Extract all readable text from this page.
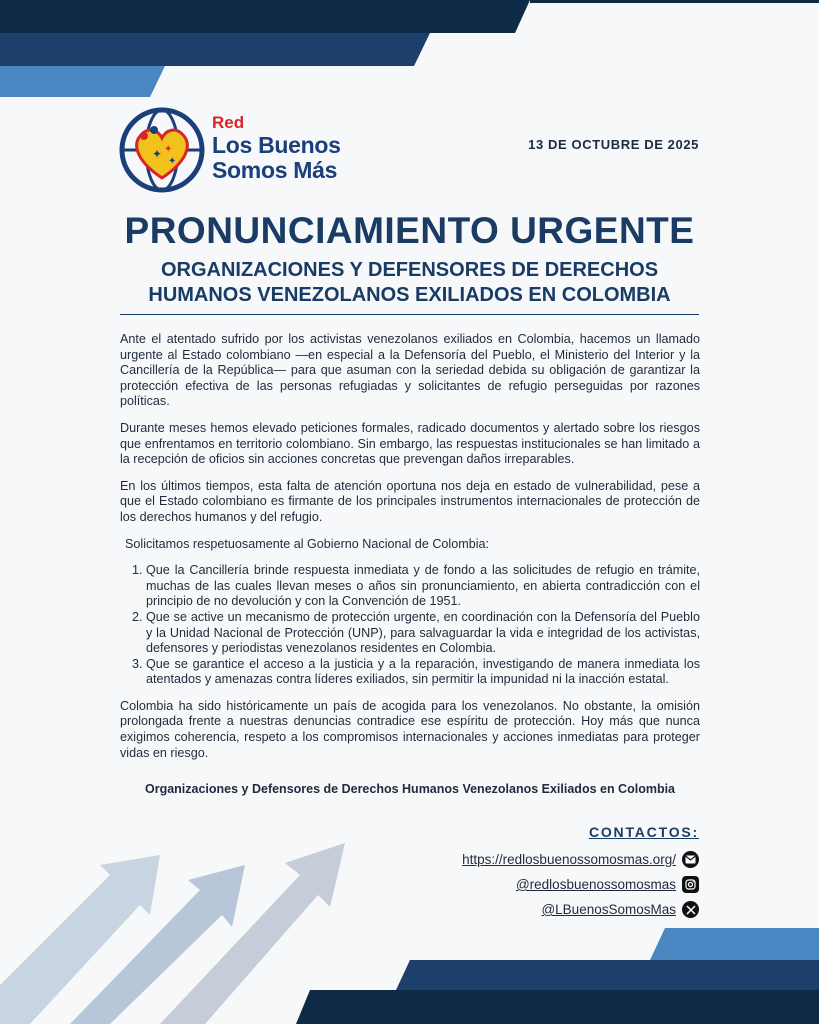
✦ ✦
✦
Red
Los Buenos
Somos Más
13 DE OCTUBRE DE 2025
PRONUNCIAMIENTO URGENTE
ORGANIZACIONES Y DEFENSORES DE DERECHOS HUMANOS VENEZOLANOS EXILIADOS EN COLOMBIA

Ante el atentado sufrido por los activistas venezolanos exiliados en Colombia, hacemos un llamado urgente al Estado colombiano —en especial a la Defensoría del Pueblo, el Ministerio del Interior y la Cancillería de la República— para que asuman con la seriedad debida su obligación de garantizar la protección efectiva de las personas refugiadas y solicitantes de refugio perseguidas por razones políticas.

Durante meses hemos elevado peticiones formales, radicado documentos y alertado sobre los riesgos que enfrentamos en territorio colombiano. Sin embargo, las respuestas institucionales se han limitado a la recepción de oficios sin acciones concretas que prevengan daños irreparables.

En los últimos tiempos, esta falta de atención oportuna nos deja en estado de vulnerabilidad, pese a que el Estado colombiano es firmante de los principales instrumentos internacionales de protección de los derechos humanos y del refugio.

Solicitamos respetuosamente al Gobierno Nacional de Colombia:

1. Que la Cancillería brinde respuesta inmediata y de fondo a las solicitudes de refugio en trámite, muchas de las cuales llevan meses o años sin pronunciamiento, en abierta contradicción con el principio de no devolución y con la Convención de 1951.
2. Que se active un mecanismo de protección urgente, en coordinación con la Defensoría del Pueblo y la Unidad Nacional de Protección (UNP), para salvaguardar la vida e integridad de los activistas, defensores y periodistas venezolanos residentes en Colombia.
3. Que se garantice el acceso a la justicia y a la reparación, investigando de manera inmediata los atentados y amenazas contra líderes exiliados, sin permitir la impunidad ni la inacción estatal.

Colombia ha sido históricamente un país de acogida para los venezolanos. No obstante, la omisión prolongada frente a nuestras denuncias contradice ese espíritu de protección. Hoy más que nunca exigimos coherencia, respeto a los compromisos internacionales y acciones inmediatas para proteger vidas en riesgo.

Organizaciones y Defensores de Derechos Humanos Venezolanos Exiliados en Colombia
CONTACTOS:
https://redlosbuenossomosmas.org/
@redlosbuenossomosmas
@LBuenosSomosMas
